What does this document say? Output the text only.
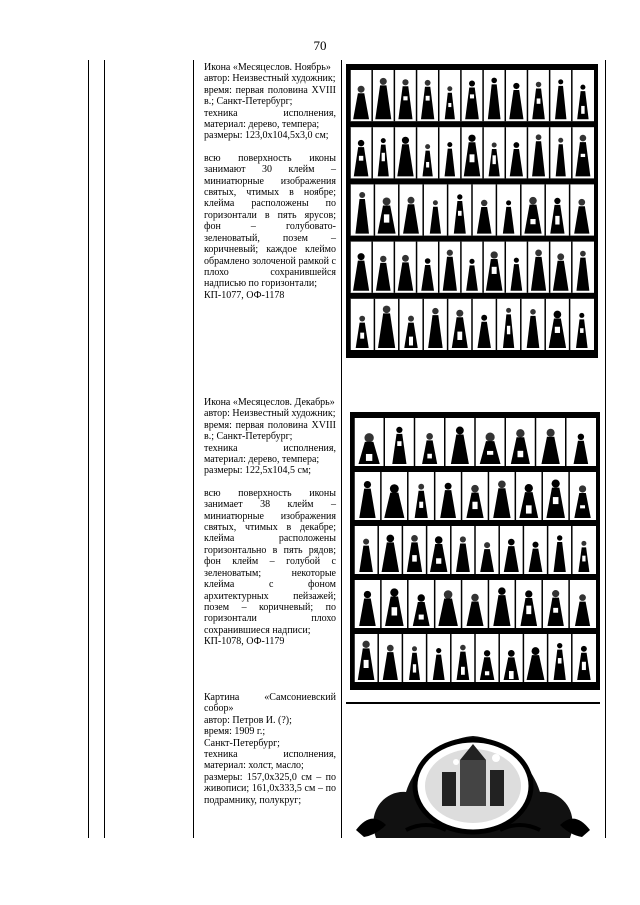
70

Икона «Месяцеслов. Ноябрь»

автор: Неизвестный художник;

время: первая половина XVIII в.; Санкт-Петербург;

техника исполнения, материал: дерево, темпера;

размеры: 123,0x104,5x3,0 см;

всю поверхность иконы занимают 30 клейм – миниатюрные изображения святых, чтимых в ноябре; клейма расположены по горизонтали в пять ярусов; фон – голубовато-зеленоватый, позем – коричневый; каждое клеймо обрамлено золоченой рамкой с плохо сохранившейся надписью по горизонтали;

КП-1077, ОФ-1178

Икона «Месяцеслов. Декабрь»

автор: Неизвестный художник;

время: первая половина XVIII в.; Санкт-Петербург;

техника исполнения, материал: дерево, темпера;

размеры: 122,5x104,5 см;

всю поверхность иконы занимает 38 клейм – миниатюрные изображения святых, чтимых в декабре; клейма расположены горизонтально в пять рядов; фон клейм – голубой с зеленоватым; некоторые клейма с фоном архитектурных пейзажей; позем – коричневый; по горизонтали плохо сохранившиеся надписи;

КП-1078, ОФ-1179

Картина «Самсониевский собор»

автор: Петров И. (?);

время: 1909 г.;

Санкт-Петербург;

техника исполнения, материал: холст, масло;

размеры: 157,0x325,0 см – по живописи; 161,0x333,5 см – по подрамнику, полукруг;
